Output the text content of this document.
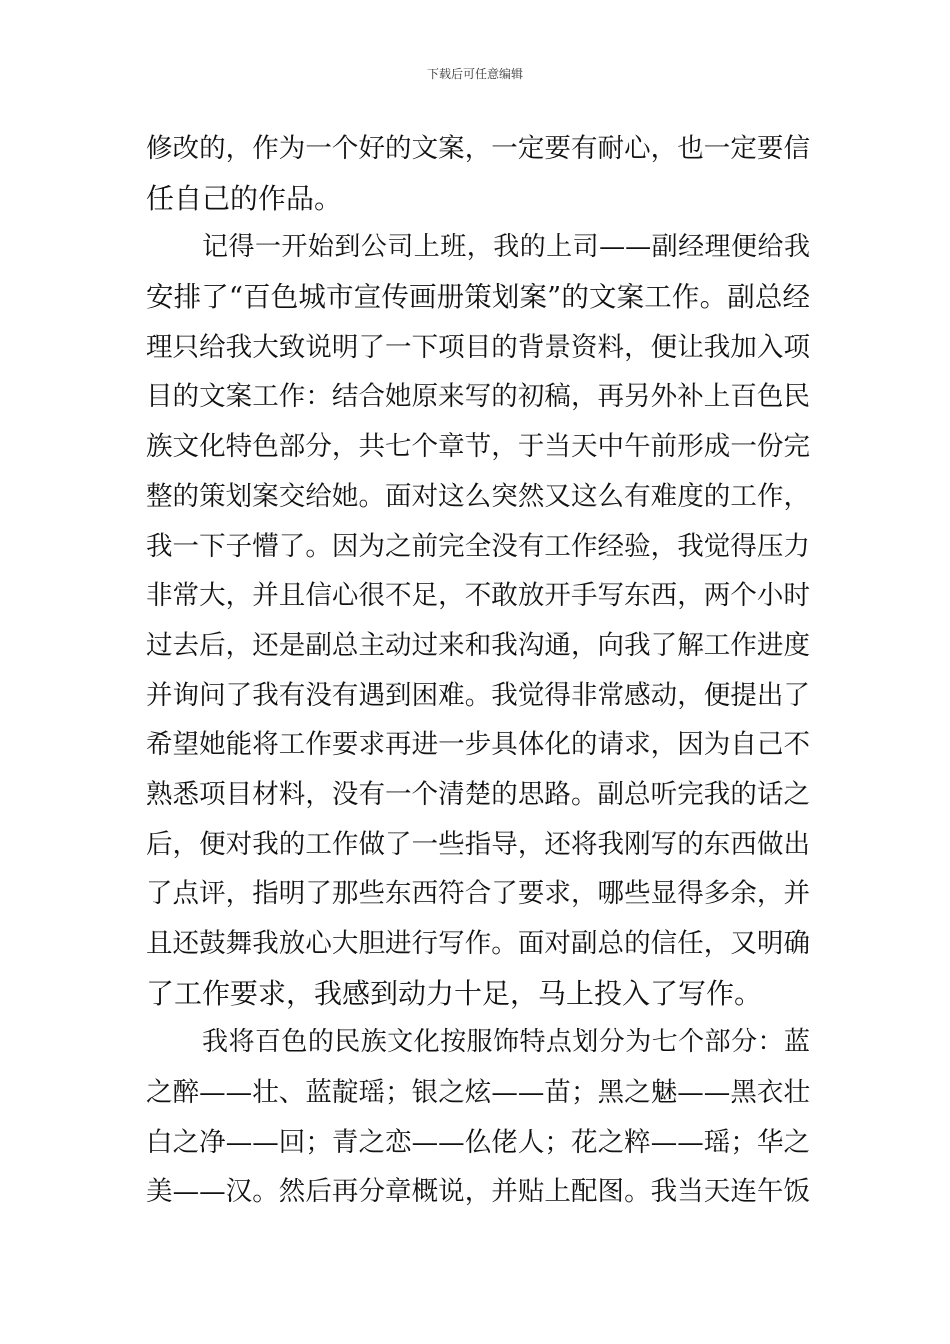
下载后可任意编辑
修改的，作为一个好的文案，一定要有耐心，也一定要信
任自己的作品。
记得一开始到公司上班，我的上司——副经理便给我
安排了“百色城市宣传画册策划案”的文案工作。副总经
理只给我大致说明了一下项目的背景资料，便让我加入项
目的文案工作：结合她原来写的初稿，再另外补上百色民
族文化特色部分，共七个章节，于当天中午前形成一份完
整的策划案交给她。面对这么突然又这么有难度的工作，
我一下子懵了。因为之前完全没有工作经验，我觉得压力
非常大，并且信心很不足，不敢放开手写东西，两个小时
过去后，还是副总主动过来和我沟通，向我了解工作进度
并询问了我有没有遇到困难。我觉得非常感动，便提出了
希望她能将工作要求再进一步具体化的请求，因为自己不
熟悉项目材料，没有一个清楚的思路。副总听完我的话之
后，便对我的工作做了一些指导，还将我刚写的东西做出
了点评，指明了那些东西符合了要求，哪些显得多余，并
且还鼓舞我放心大胆进行写作。面对副总的信任，又明确
了工作要求，我感到动力十足，马上投入了写作。
我将百色的民族文化按服饰特点划分为七个部分：蓝
之醉——壮、蓝靛瑶；银之炫——苗；黑之魅——黑衣壮
白之净——回；青之恋——仫佬人；花之粹——瑶；华之
美——汉。然后再分章概说，并贴上配图。我当天连午饭
